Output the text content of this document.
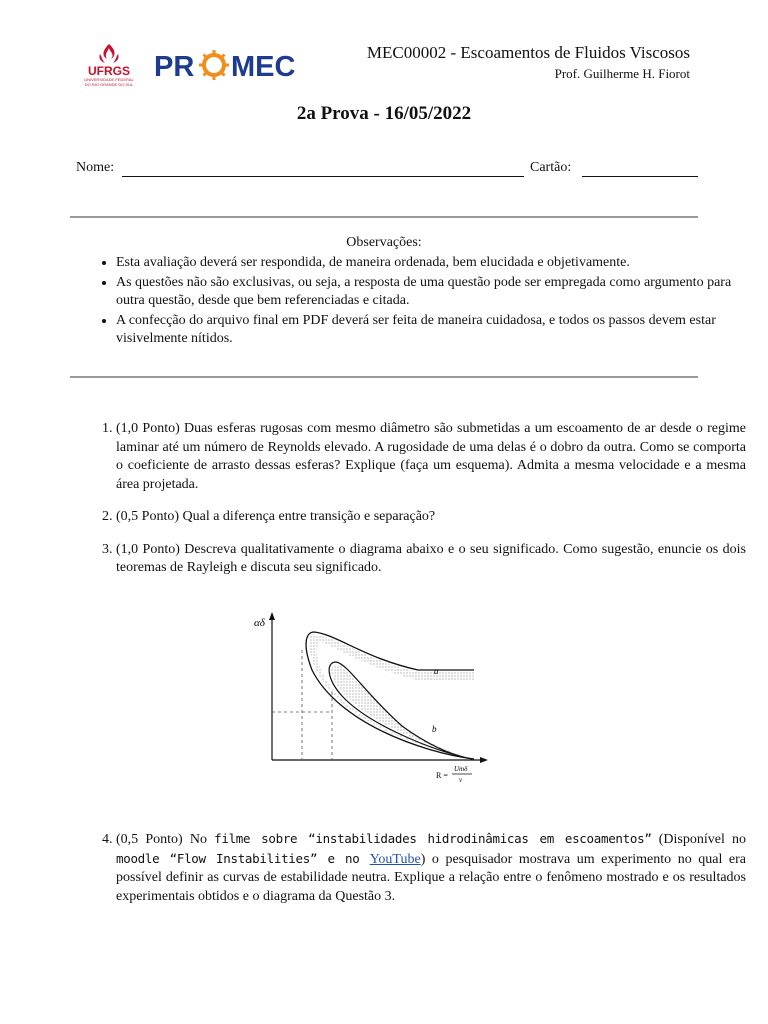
UFRGS
UNIVERSIDADE FEDERAL
DO RIO GRANDE DO SUL
PR MEC	MEC00002 - Escoamentos de Fluidos Viscosos
Prof. Guilherme H. Fiorot
2a Prova - 16/05/2022
Nome:	Cartão:
Observações:
• Esta avaliação deverá ser respondida, de maneira ordenada, bem elucidada e objetivamente.
• As questões não são exclusivas, ou seja, a resposta de uma questão pode ser empregada como argumento para outra questão, desde que bem referenciadas e citada.
• A confecção do arquivo final em PDF deverá ser feita de maneira cuidadosa, e todos os passos devem estar visivelmente nítidos.
1. (1,0 Ponto) Duas esferas rugosas com mesmo diâmetro são submetidas a um escoamento de ar desde o regime laminar até um número de Reynolds elevado. A rugosidade de uma delas é o dobro da outra. Como se comporta o coeficiente de arrasto dessas esferas? Explique (faça um esquema). Admita a mesma velocidade e a mesma área projetada.
2. (0,5 Ponto) Qual a diferença entre transição e separação?
3. (1,0 Ponto) Descreva qualitativamente o diagrama abaixo e o seu significado. Como sugestão, enuncie os dois teoremas de Rayleigh e discuta seu significado.
αδ
a
b
R =
Umδ
ν
4. (0,5 Ponto) No filme sobre “instabilidades hidrodinâmicas em escoamentos” (Disponível no moodle “Flow Instabilities” e no YouTube) o pesquisador mostrava um experimento no qual era possível definir as curvas de estabilidade neutra. Explique a relação entre o fenômeno mostrado e os resultados experimentais obtidos e o diagrama da Questão 3.
